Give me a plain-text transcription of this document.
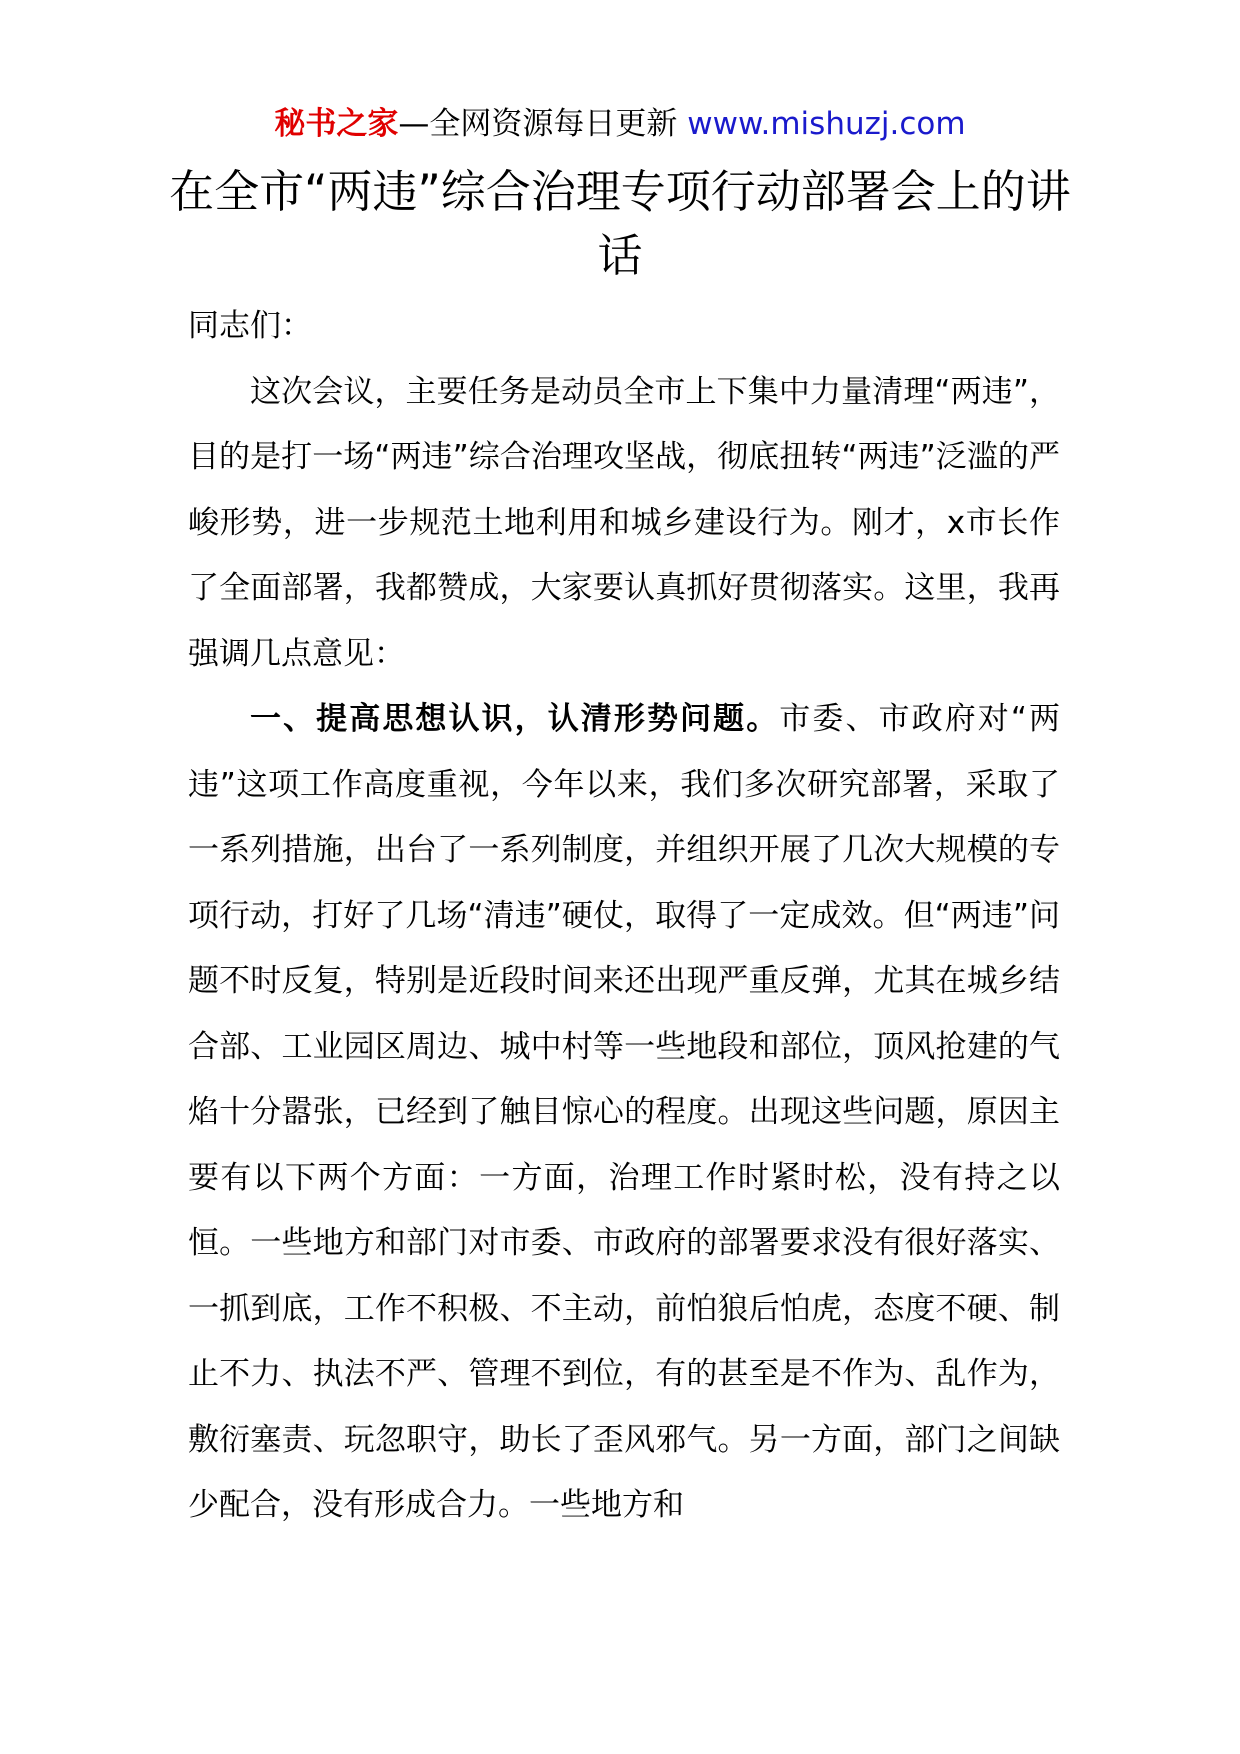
秘书之家—全网资源每日更新 www.mishuzj.com
在全市“两违”综合治理专项行动部署会上的讲话

同志们：

这次会议，主要任务是动员全市上下集中力量清理“两违”，目的是打一场“两违”综合治理攻坚战，彻底扭转“两违”泛滥的严峻形势，进一步规范土地利用和城乡建设行为。刚才，x市长作了全面部署，我都赞成，大家要认真抓好贯彻落实。这里，我再强调几点意见：

一、提高思想认识，认清形势问题。市委、市政府对“两违”这项工作高度重视，今年以来，我们多次研究部署，采取了一系列措施，出台了一系列制度，并组织开展了几次大规模的专项行动，打好了几场“清违”硬仗，取得了一定成效。但“两违”问题不时反复，特别是近段时间来还出现严重反弹，尤其在城乡结合部、工业园区周边、城中村等一些地段和部位，顶风抢建的气焰十分嚣张，已经到了触目惊心的程度。出现这些问题，原因主要有以下两个方面：一方面，治理工作时紧时松，没有持之以恒。一些地方和部门对市委、市政府的部署要求没有很好落实、一抓到底，工作不积极、不主动，前怕狼后怕虎，态度不硬、制止不力、执法不严、管理不到位，有的甚至是不作为、乱作为，敷衍塞责、玩忽职守，助长了歪风邪气。另一方面，部门之间缺少配合，没有形成合力。一些地方和
